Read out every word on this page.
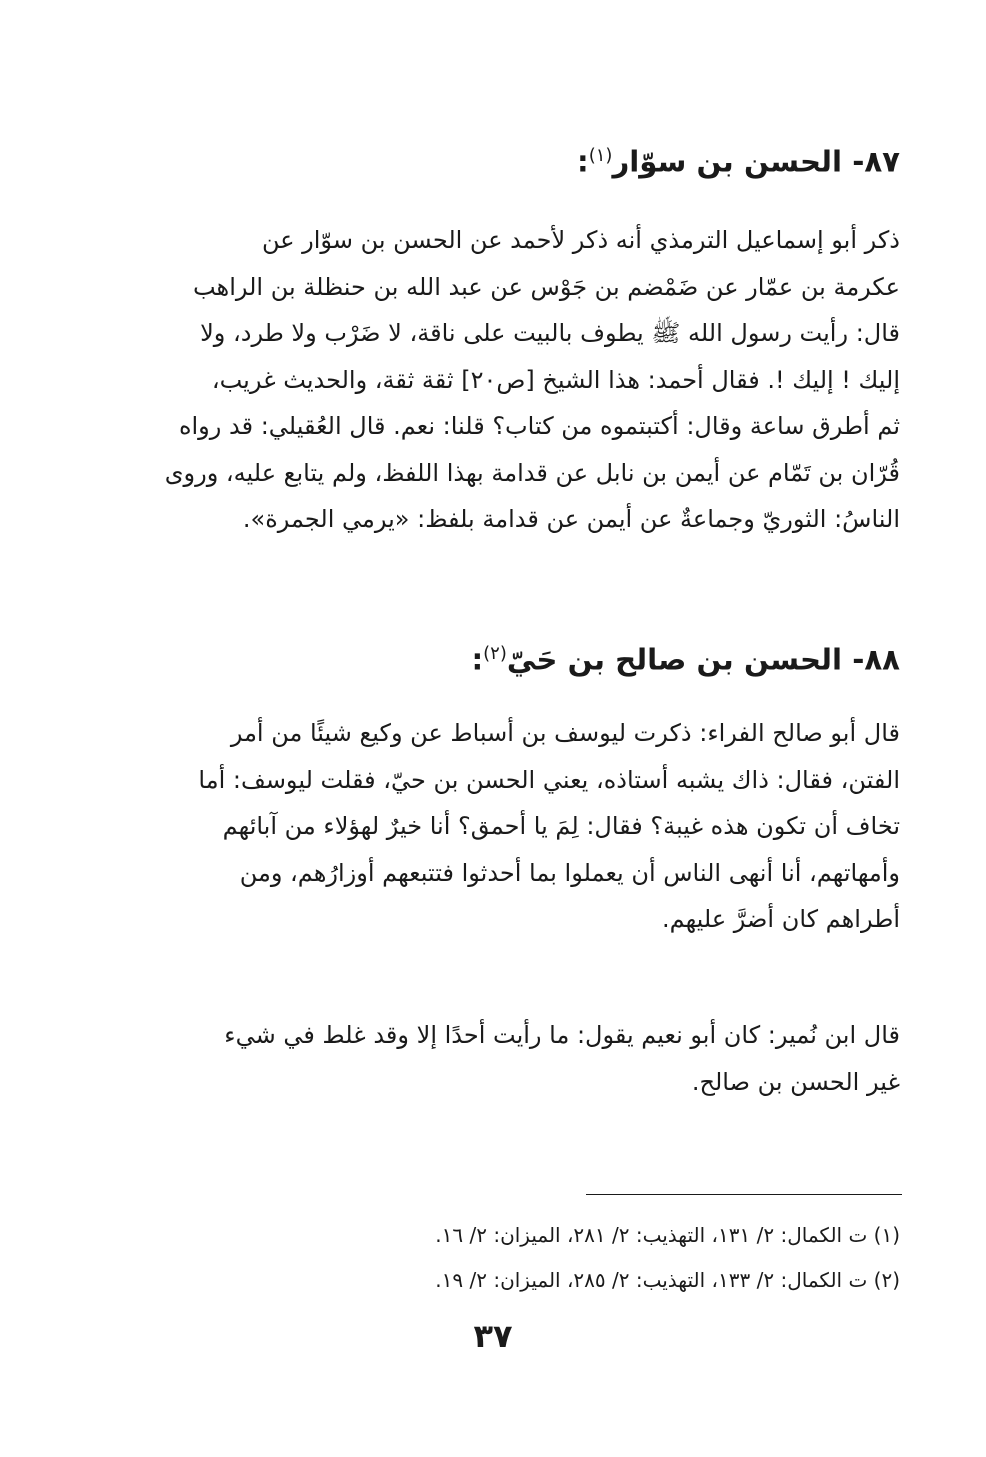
٨٧- الحسن بن سوّار$^{(١)}$:
ذكر أبو إسماعيل الترمذي أنه ذكر لأحمد عن الحسن بن سوّار عن
عكرمة بن عمّار عن ضَمْضم بن جَوْس عن عبد الله بن حنظلة بن الراهب
قال: رأيت رسول الله ﷺ يطوف بالبيت على ناقة، لا ضَرْب ولا طرد، ولا
إليك ! إليك !. فقال أحمد: هذا الشيخ [ص٢٠] ثقة ثقة، والحديث غريب،
ثم أطرق ساعة وقال: أكتبتموه من كتاب؟ قلنا: نعم. قال العُقيلي: قد رواه
قُرّان بن تَمّام عن أيمن بن نابل عن قدامة بهذا اللفظ، ولم يتابع عليه، وروى
الناسُ: الثوريّ وجماعةٌ عن أيمن عن قدامة بلفظ: «يرمي الجمرة».
٨٨- الحسن بن صالح بن حَيّ$^{(٢)}$:
قال أبو صالح الفراء: ذكرت ليوسف بن أسباط عن وكيع شيئًا من أمر
الفتن، فقال: ذاك يشبه أستاذه، يعني الحسن بن حيّ، فقلت ليوسف: أما
تخاف أن تكون هذه غيبة؟ فقال: لِمَ يا أحمق؟ أنا خيرٌ لهؤلاء من آبائهم
وأمهاتهم، أنا أنهى الناس أن يعملوا بما أحدثوا فتتبعهم أوزارُهم، ومن
أطراهم كان أضرَّ عليهم.
قال ابن نُمير: كان أبو نعيم يقول: ما رأيت أحدًا إلا وقد غلط في شيء
غير الحسن بن صالح.
(١) ت الكمال: ٢/ ١٣١، التهذيب: ٢/ ٢٨١، الميزان: ٢/ ١٦.
(٢) ت الكمال: ٢/ ١٣٣، التهذيب: ٢/ ٢٨٥، الميزان: ٢/ ١٩.
٣٧
